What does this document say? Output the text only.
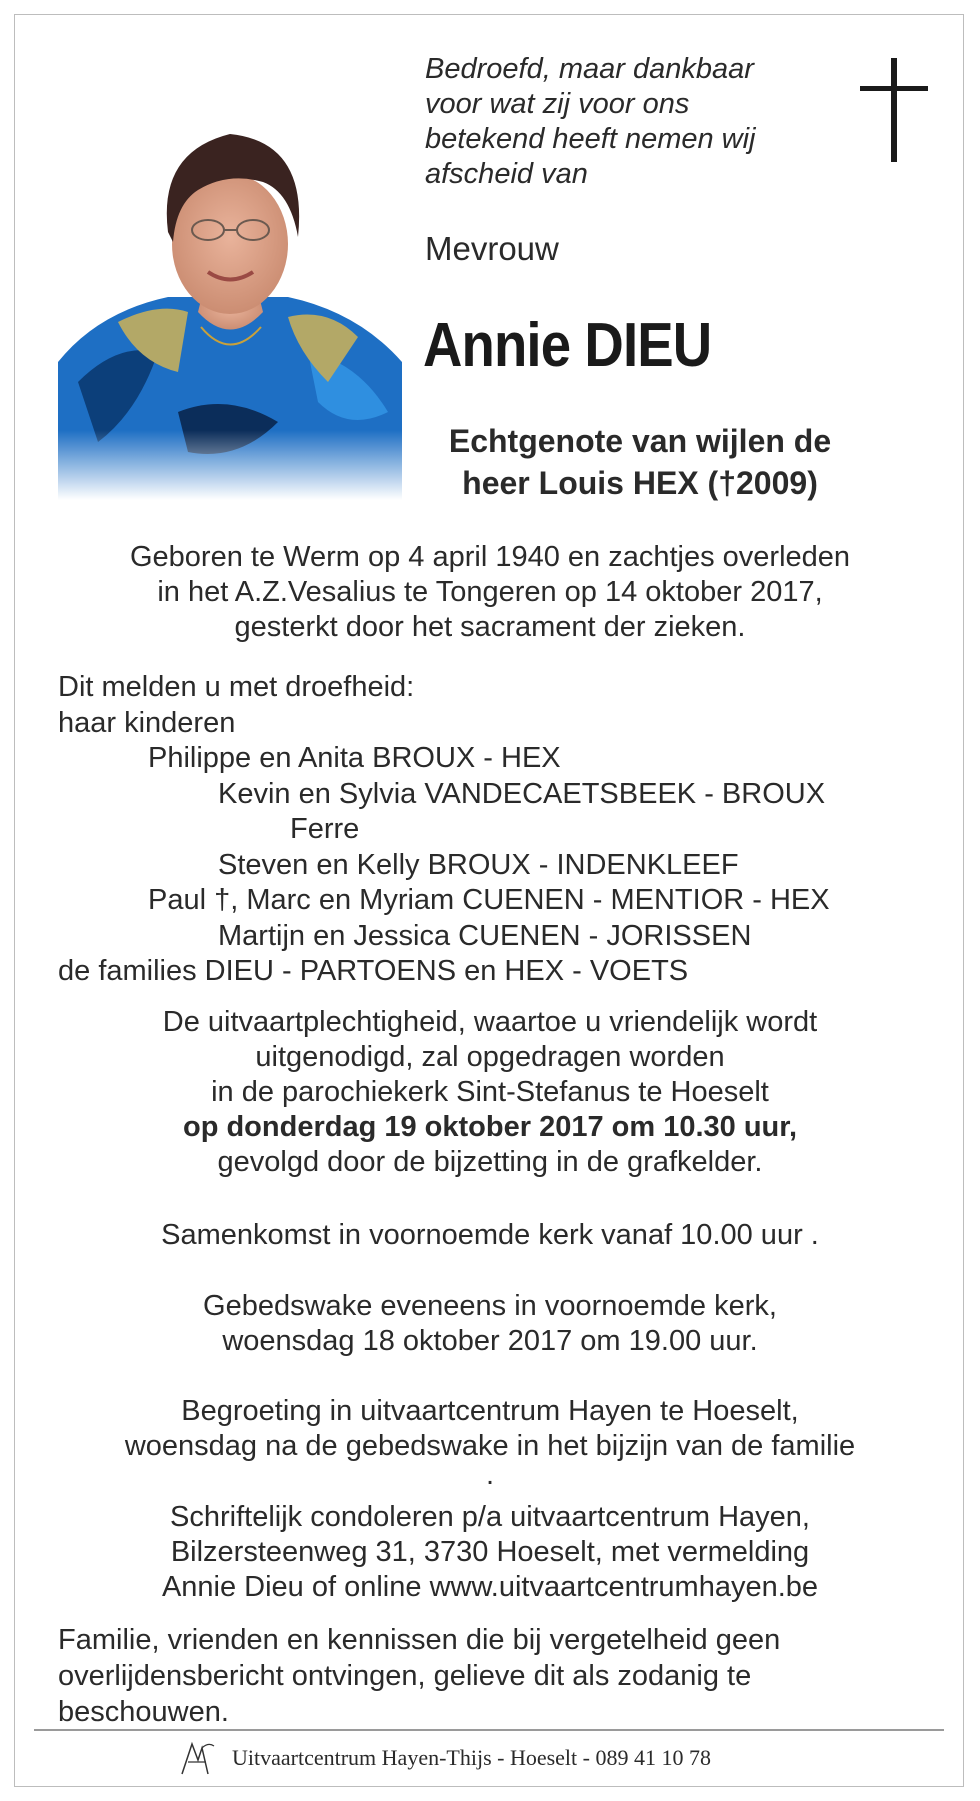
Bedroefd, maar dankbaar
voor wat zij voor ons
betekend heeft nemen wij
afscheid van
Mevrouw
Annie DIEU
Echtgenote van wijlen de
heer Louis HEX (†2009)
Geboren te Werm op 4 april 1940 en zachtjes overleden
in het A.Z.Vesalius te Tongeren op 14 oktober 2017,
gesterkt door het sacrament der zieken.
Dit melden u met droefheid:
haar kinderen
Philippe en Anita BROUX - HEX
Kevin en Sylvia VANDECAETSBEEK - BROUX
Ferre
Steven en Kelly BROUX - INDENKLEEF
Paul †, Marc en Myriam CUENEN - MENTIOR - HEX
Martijn en Jessica CUENEN - JORISSEN
de families DIEU - PARTOENS en HEX - VOETS
De uitvaartplechtigheid, waartoe u vriendelijk wordt
uitgenodigd, zal opgedragen worden
in de parochiekerk Sint-Stefanus te Hoeselt
op donderdag 19 oktober 2017 om 10.30 uur,
gevolgd door de bijzetting in de grafkelder.
Samenkomst in voornoemde kerk vanaf 10.00 uur .
Gebedswake eveneens in voornoemde kerk,
woensdag 18 oktober 2017 om 19.00 uur.
Begroeting in uitvaartcentrum Hayen te Hoeselt,
woensdag na de gebedswake in het bijzijn van de familie
.
Schriftelijk condoleren p/a uitvaartcentrum Hayen,
Bilzersteenweg 31, 3730 Hoeselt, met vermelding
Annie Dieu of online www.uitvaartcentrumhayen.be
Familie, vrienden en kennissen die bij vergetelheid geen
overlijdensbericht ontvingen, gelieve dit als zodanig te
beschouwen.
Uitvaartcentrum Hayen-Thijs - Hoeselt - 089 41 10 78
